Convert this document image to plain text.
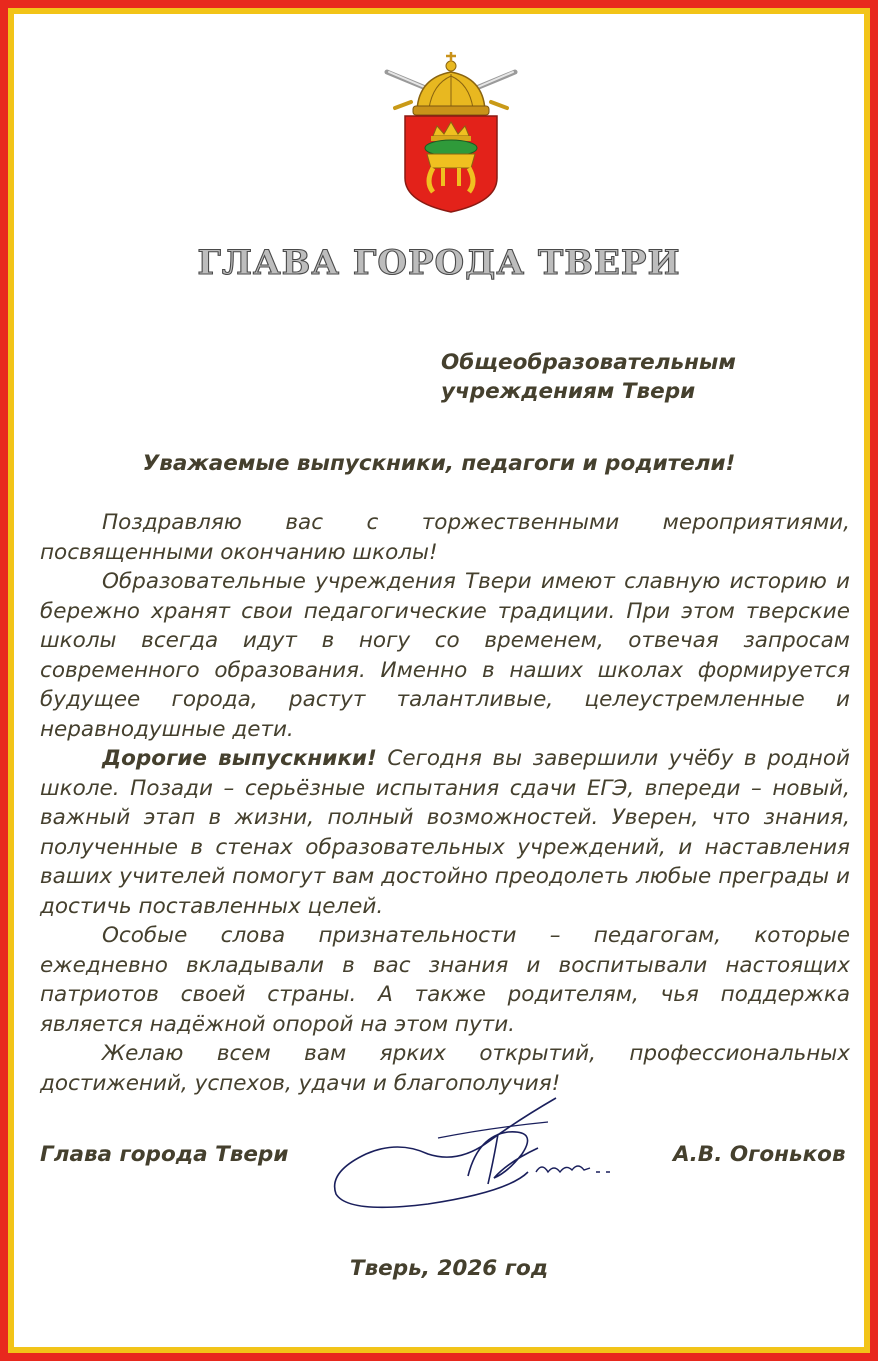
ГЛАВА ГОРОДА ТВЕРИ
Общеобразовательным
учреждениям Твери

Уважаемые выпускники, педагоги и родители!

Поздравляю вас с торжественными мероприятиями, посвященными окончанию школы!

Образовательные учреждения Твери имеют славную историю и бережно хранят свои педагогические традиции. При этом тверские школы всегда идут в ногу со временем, отвечая запросам современного образования. Именно в наших школах формируется будущее города, растут талантливые, целеустремленные и неравнодушные дети.

Дорогие выпускники! Сегодня вы завершили учёбу в родной школе. Позади – серьёзные испытания сдачи ЕГЭ, впереди – новый, важный этап в жизни, полный возможностей. Уверен, что знания, полученные в стенах образовательных учреждений, и наставления ваших учителей помогут вам достойно преодолеть любые преграды и достичь поставленных целей.

Особые слова признательности – педагогам, которые ежедневно вкладывали в вас знания и воспитывали настоящих патриотов своей страны. А также родителям, чья поддержка является надёжной опорой на этом пути.

Желаю всем вам ярких открытий, профессиональных достижений, успехов, удачи и благополучия!

Глава города Твери	А.В. Огоньков

Тверь, 2026 год
